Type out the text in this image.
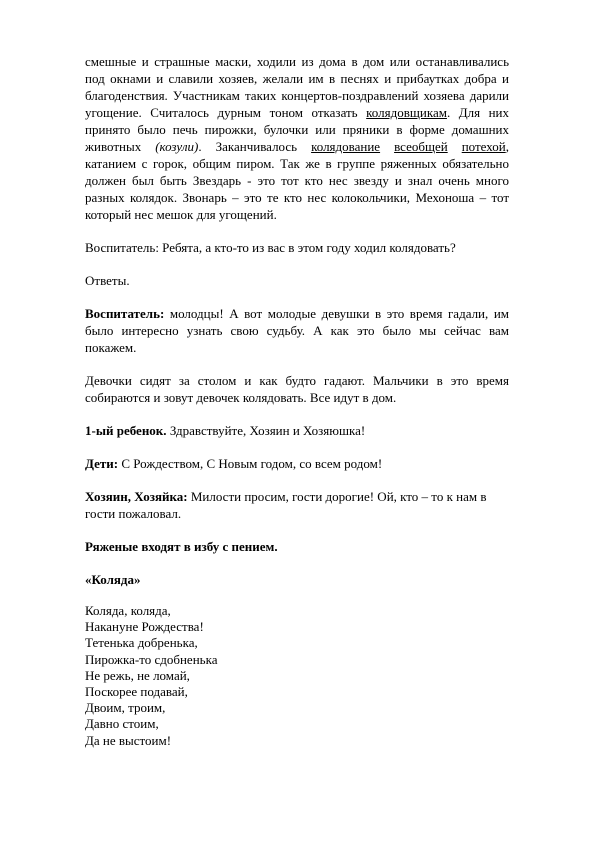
смешные и страшные маски, ходили из дома в дом или останавливались под окнами и славили хозяев, желали им в песнях и прибаутках добра и благоденствия. Участникам таких концертов-поздравлений хозяева дарили угощение. Считалось дурным тоном отказать колядовщикам. Для них принято было печь пирожки, булочки или пряники в форме домашних животных (козули). Заканчивалось колядование всеобщей потехой, катанием с горок, общим пиром. Так же в группе ряженных обязательно должен был быть Звездарь - это тот кто нес звезду и знал очень много разных колядок. Звонарь – это те кто нес колокольчики, Мехоноша – тот который нес мешок для угощений.

Воспитатель: Ребята, а кто-то из вас в этом году ходил колядовать?

Ответы.

Воспитатель: молодцы! А вот молодые девушки в это время гадали, им было интересно узнать свою судьбу. А как это было мы сейчас вам покажем.

Девочки сидят за столом и как будто гадают. Мальчики в это время собираются и зовут девочек колядовать. Все идут в дом.

1-ый ребенок. Здравствуйте, Хозяин и Хозяюшка!

Дети: С Рождеством, С Новым годом, со всем родом!

Хозяин, Хозяйка: Милости просим, гости дорогие! Ой, кто – то к нам в гости пожаловал.

Ряженые входят в избу с пением.

«Коляда»

Коляда, коляда,
Накануне Рождества!
Тетенька добренька,
Пирожка-то сдобненька
Не режь, не ломай,
Поскорее подавай,
Двоим, троим,
Давно стоим,
Да не выстоим!
